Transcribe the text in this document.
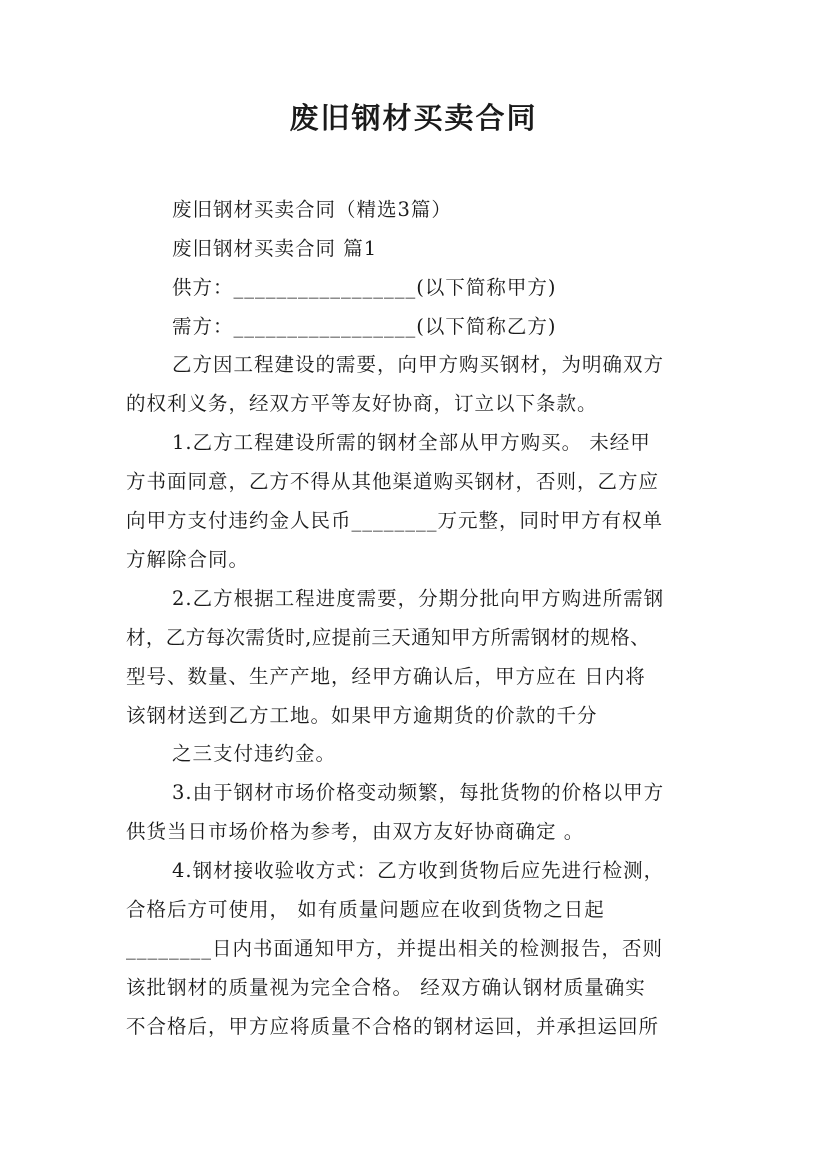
废旧钢材买卖合同
废旧钢材买卖合同（精选3篇）
废旧钢材买卖合同 篇1
供方：_________________(以下简称甲方)
需方：_________________(以下简称乙方)
乙方因工程建设的需要，向甲方购买钢材，为明确双方
的权利义务，经双方平等友好协商，订立以下条款。
1.乙方工程建设所需的钢材全部从甲方购买。 未经甲
方书面同意，乙方不得从其他渠道购买钢材，否则，乙方应
向甲方支付违约金人民币________万元整，同时甲方有权单
方解除合同。
2.乙方根据工程进度需要，分期分批向甲方购进所需钢
材，乙方每次需货时,应提前三天通知甲方所需钢材的规格、
型号、数量、生产产地，经甲方确认后，甲方应在 日内将
该钢材送到乙方工地。如果甲方逾期货的价款的千分
之三支付违约金。
3.由于钢材市场价格变动频繁，每批货物的价格以甲方
供货当日市场价格为参考，由双方友好协商确定 。
4.钢材接收验收方式：乙方收到货物后应先进行检测，
合格后方可使用， 如有质量问题应在收到货物之日起
________日内书面通知甲方，并提出相关的检测报告，否则
该批钢材的质量视为完全合格。 经双方确认钢材质量确实
不合格后，甲方应将质量不合格的钢材运回，并承担运回所
